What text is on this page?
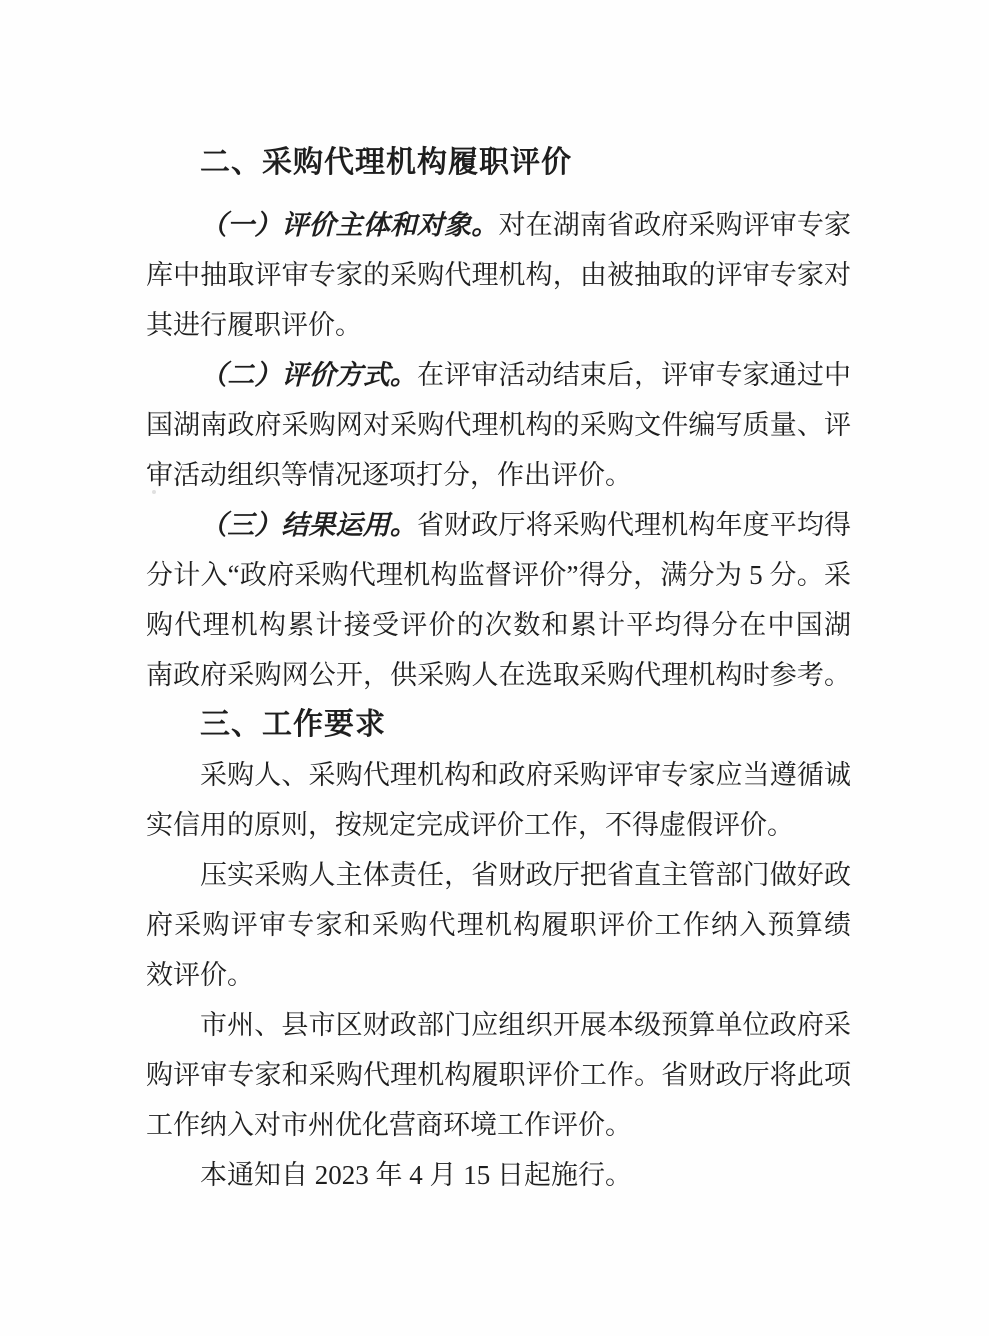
二、采购代理机构履职评价
（一）评价主体和对象。对在湖南省政府采购评审专家
库中抽取评审专家的采购代理机构，由被抽取的评审专家对
其进行履职评价。
（二）评价方式。在评审活动结束后，评审专家通过中
国湖南政府采购网对采购代理机构的采购文件编写质量、评
审活动组织等情况逐项打分，作出评价。
（三）结果运用。省财政厅将采购代理机构年度平均得
分计入“政府采购代理机构监督评价”得分，满分为 5 分。采
购代理机构累计接受评价的次数和累计平均得分在中国湖
南政府采购网公开，供采购人在选取采购代理机构时参考。
三、工作要求
采购人、采购代理机构和政府采购评审专家应当遵循诚
实信用的原则，按规定完成评价工作，不得虚假评价。
压实采购人主体责任，省财政厅把省直主管部门做好政
府采购评审专家和采购代理机构履职评价工作纳入预算绩
效评价。
市州、县市区财政部门应组织开展本级预算单位政府采
购评审专家和采购代理机构履职评价工作。省财政厅将此项
工作纳入对市州优化营商环境工作评价。
本通知自 2023 年 4 月 15 日起施行。
